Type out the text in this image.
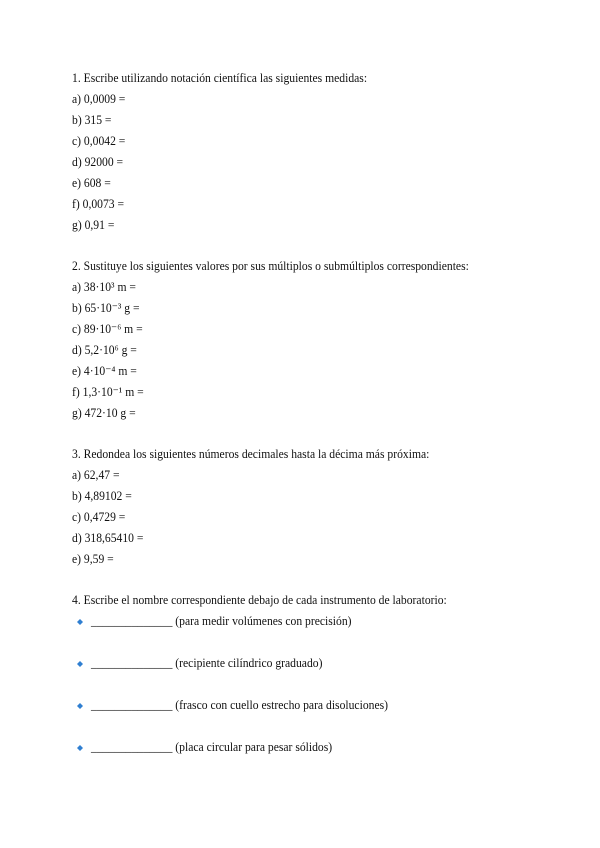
1. Escribe utilizando notación científica las siguientes medidas:
a) 0,0009 =
b) 315 =
c) 0,0042 =
d) 92000 =
e) 608 =
f) 0,0073 =
g) 0,91 =
2. Sustituye los siguientes valores por sus múltiplos o submúltiplos correspondientes:
a) 38·10³ m =
b) 65·10⁻³ g =
c) 89·10⁻⁶ m =
d) 5,2·10⁶ g =
e) 4·10⁻⁴ m =
f) 1,3·10⁻¹ m =
g) 472·10 g =
3. Redondea los siguientes números decimales hasta la décima más próxima:
a) 62,47 =
b) 4,89102 =
c) 0,4729 =
d) 318,65410 =
e) 9,59 =
4. Escribe el nombre correspondiente debajo de cada instrumento de laboratorio:
______________ (para medir volúmenes con precisión)
______________ (recipiente cilíndrico graduado)
______________ (frasco con cuello estrecho para disoluciones)
______________ (placa circular para pesar sólidos)
